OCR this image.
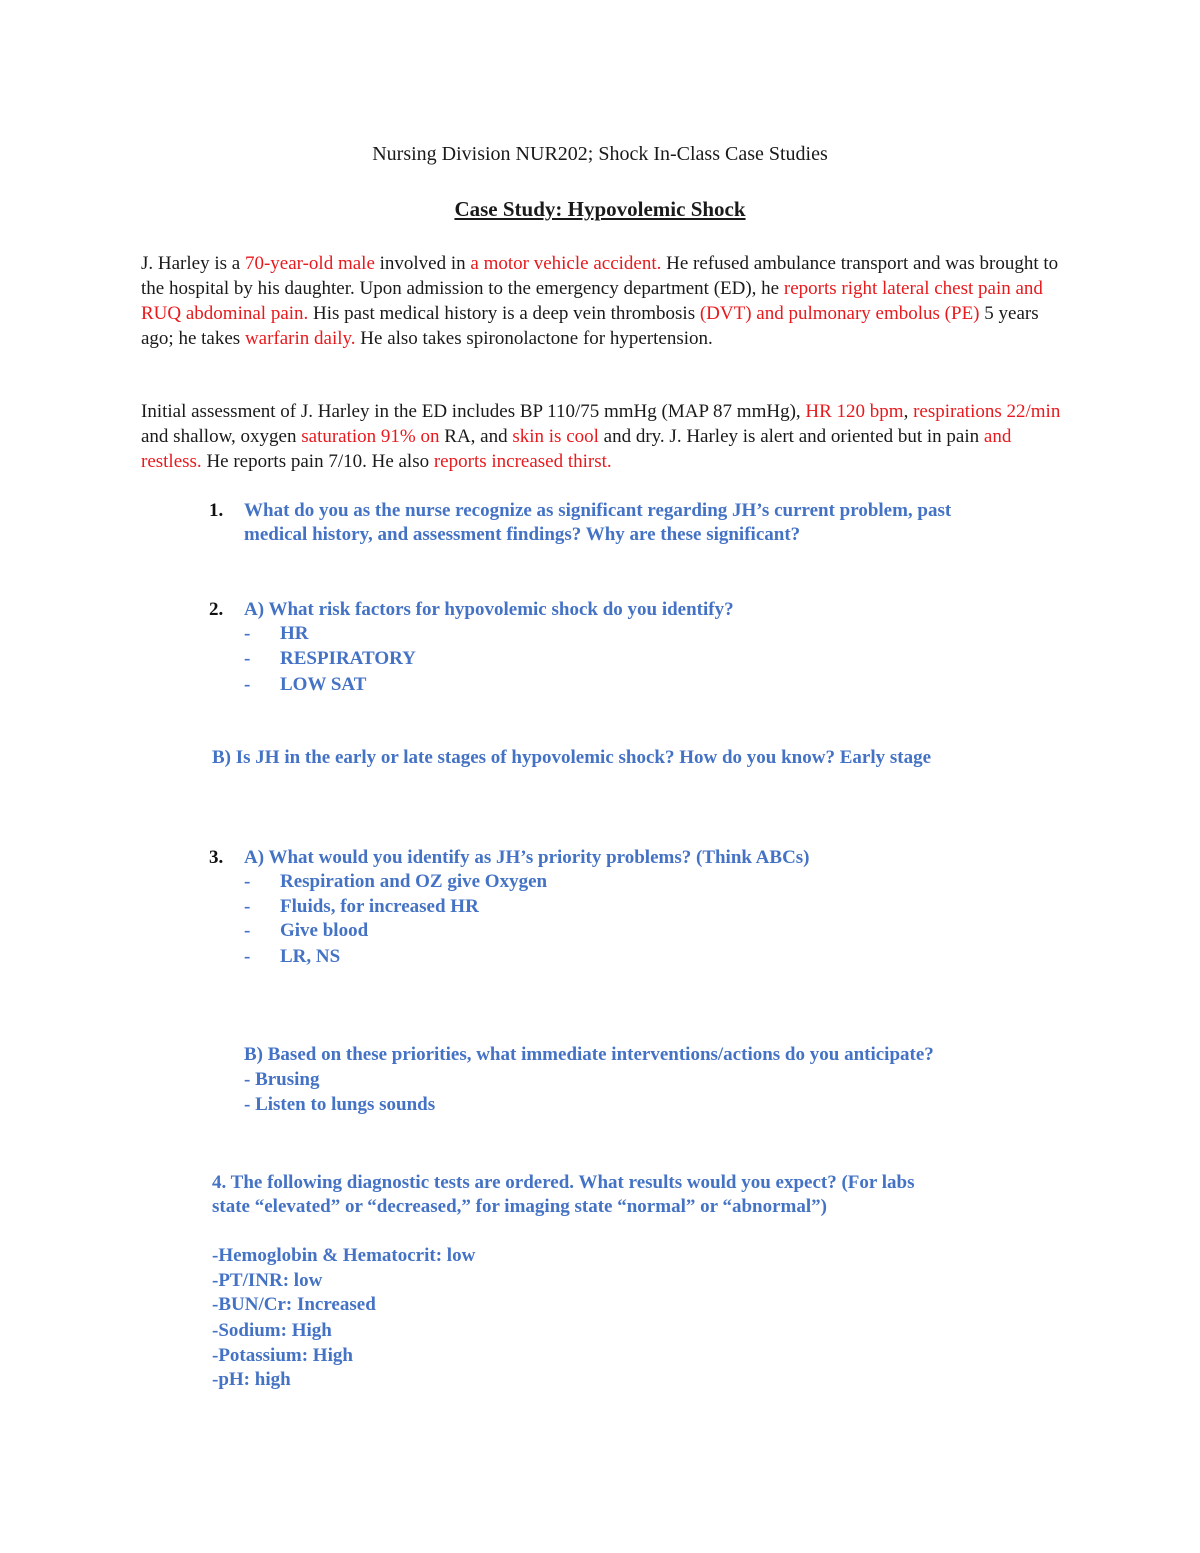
Nursing Division NUR202; Shock In-Class Case Studies
Case Study: Hypovolemic Shock
J. Harley is a 70-year-old male involved in a motor vehicle accident. He refused ambulance transport and was brought to the hospital by his daughter. Upon admission to the emergency department (ED), he reports right lateral chest pain and RUQ abdominal pain. His past medical history is a deep vein thrombosis (DVT) and pulmonary embolus (PE) 5 years ago; he takes warfarin daily. He also takes spironolactone for hypertension.
Initial assessment of J. Harley in the ED includes BP 110/75 mmHg (MAP 87 mmHg), HR 120 bpm, respirations 22/min and shallow, oxygen saturation 91% on RA, and skin is cool and dry. J. Harley is alert and oriented but in pain and restless. He reports pain 7/10. He also reports increased thirst.
1. What do you as the nurse recognize as significant regarding JH’s current problem, past
medical history, and assessment findings? Why are these significant?
2. A) What risk factors for hypovolemic shock do you identify?
- HR
- RESPIRATORY
- LOW SAT
B) Is JH in the early or late stages of hypovolemic shock? How do you know? Early stage
3. A) What would you identify as JH’s priority problems? (Think ABCs)
- Respiration and OZ give Oxygen
- Fluids, for increased HR
- Give blood
- LR, NS
B) Based on these priorities, what immediate interventions/actions do you anticipate?
- Brusing
- Listen to lungs sounds
4. The following diagnostic tests are ordered. What results would you expect? (For labs
state “elevated” or “decreased,” for imaging state “normal” or “abnormal”)
-Hemoglobin & Hematocrit: low
-PT/INR: low
-BUN/Cr: Increased
-Sodium: High
-Potassium: High
-pH: high
